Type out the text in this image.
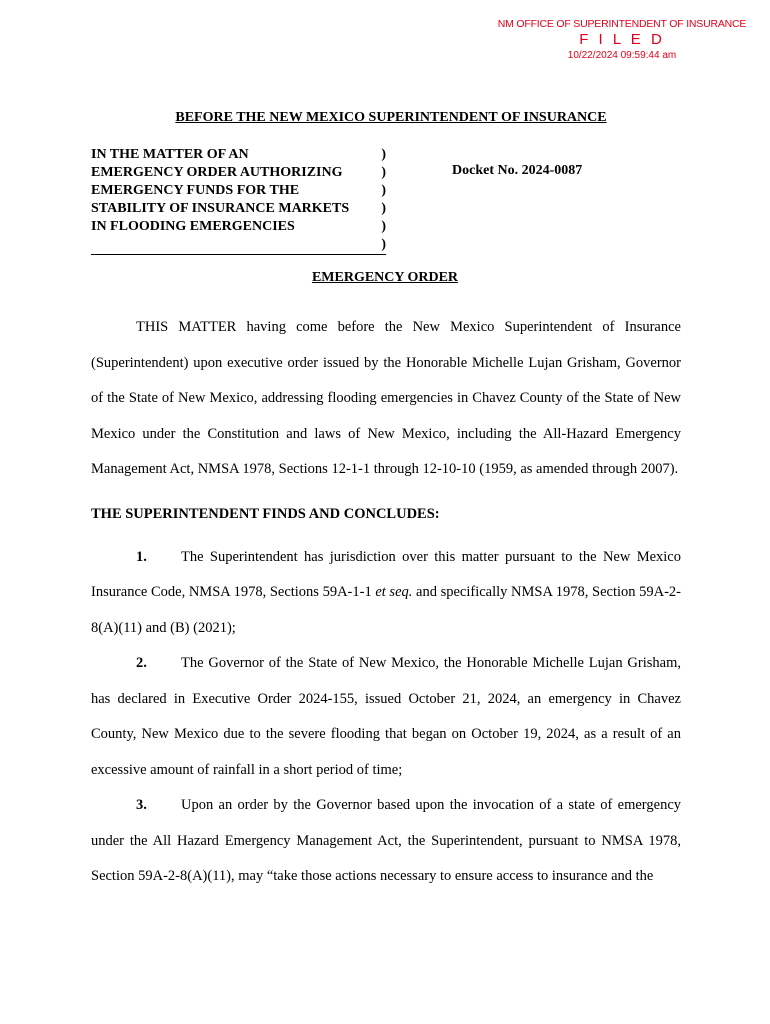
NM OFFICE OF SUPERINTENDENT OF INSURANCE
F I L E D
10/22/2024 09:59:44 am
BEFORE THE NEW MEXICO SUPERINTENDENT OF INSURANCE
IN THE MATTER OF AN	)
EMERGENCY ORDER AUTHORIZING	)
EMERGENCY FUNDS FOR THE	)
STABILITY OF INSURANCE MARKETS )
IN FLOODING EMERGENCIES	)
)
Docket No. 2024-0087
EMERGENCY ORDER

THIS MATTER having come before the New Mexico Superintendent of Insurance (Superintendent) upon executive order issued by the Honorable Michelle Lujan Grisham, Governor of the State of New Mexico, addressing flooding emergencies in Chavez County of the State of New Mexico under the Constitution and laws of New Mexico, including the All-Hazard Emergency Management Act, NMSA 1978, Sections 12-1-1 through 12-10-10 (1959, as amended through 2007).

THE SUPERINTENDENT FINDS AND CONCLUDES:

1. The Superintendent has jurisdiction over this matter pursuant to the New Mexico Insurance Code, NMSA 1978, Sections 59A-1-1 et seq. and specifically NMSA 1978, Section 59A-2- 8(A)(11) and (B) (2021);

2. The Governor of the State of New Mexico, the Honorable Michelle Lujan Grisham, has declared in Executive Order 2024-155, issued October 21, 2024, an emergency in Chavez County, New Mexico due to the severe flooding that began on October 19, 2024, as a result of an excessive amount of rainfall in a short period of time;

3. Upon an order by the Governor based upon the invocation of a state of emergency under the All Hazard Emergency Management Act, the Superintendent, pursuant to NMSA 1978, Section 59A-2-8(A)(11), may “take those actions necessary to ensure access to insurance and the
